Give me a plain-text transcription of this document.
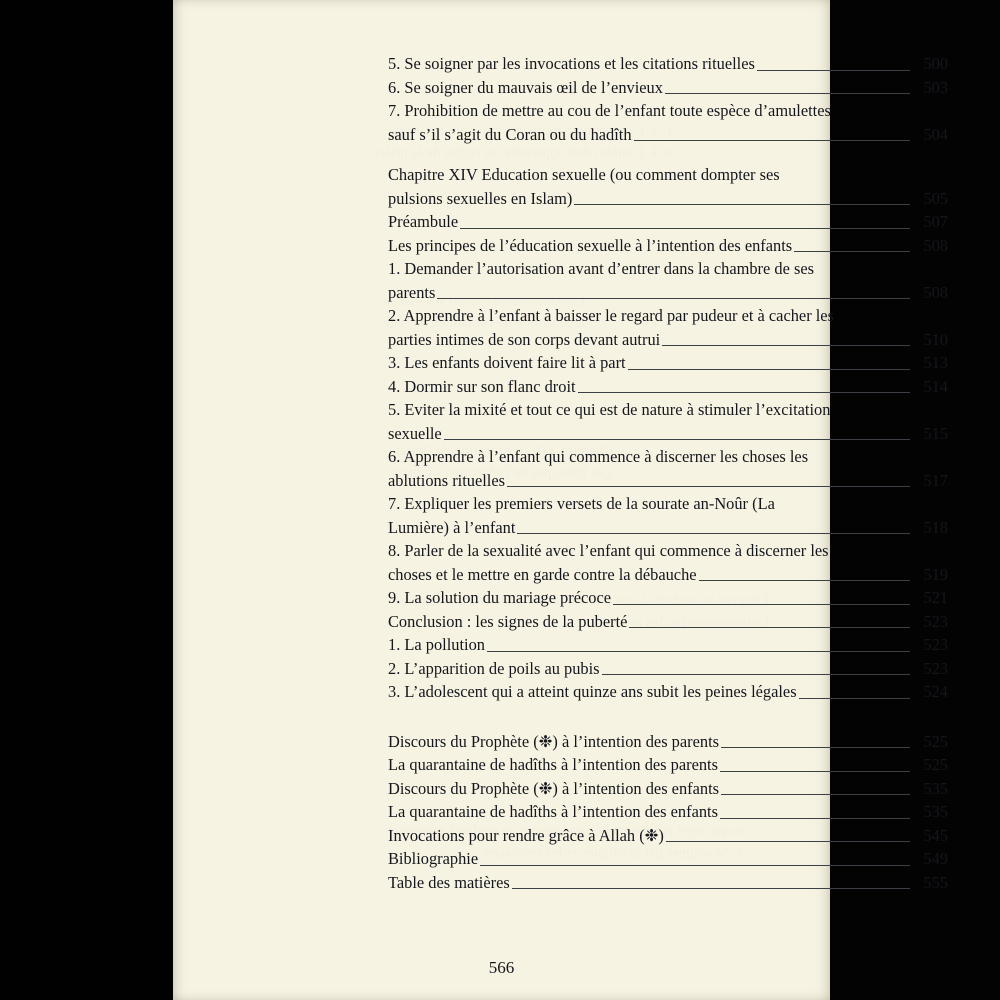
5. Se soigner par les invocations et les citations rituelles	500
6. Se soigner du mauvais œil de l’envieux	503
7. Prohibition de mettre au cou de l’enfant toute espèce d’amulettes
sauf s’il s’agit du Coran ou du hadîth	504
Chapitre XIV Education sexuelle (ou comment dompter ses
pulsions sexuelles en Islam)	505
Préambule	507
Les principes de l’éducation sexuelle à l’intention des enfants	508
1. Demander l’autorisation avant d’entrer dans la chambre de ses
parents	508
2. Apprendre à l’enfant à baisser le regard par pudeur et à cacher les
parties intimes de son corps devant autrui	510
3. Les enfants doivent faire lit à part	513
4. Dormir sur son flanc droit	514
5. Eviter la mixité et tout ce qui est de nature à stimuler l’excitation
sexuelle	515
6. Apprendre à l’enfant qui commence à discerner les choses les
ablutions rituelles	517
7. Expliquer les premiers versets de la sourate an-Noûr (La
Lumière) à l’enfant	518
8. Parler de la sexualité avec l’enfant qui commence à discerner les
choses et le mettre en garde contre la débauche	519
9. La solution du mariage précoce	521
Conclusion : les signes de la puberté	523
1. La pollution	523
2. L’apparition de poils au pubis	523
3. L’adolescent qui a atteint quinze ans subit les peines légales	524
Discours du Prophète (❉) à l’intention des parents	525
La quarantaine de hadîths à l’intention des parents	525
Discours du Prophète (❉) à l’intention des enfants	535
La quarantaine de hadîths à l’intention des enfants	535
Invocations pour rendre grâce à Allah (❉)	545
Bibliographie	549
Table des matières	555
566
